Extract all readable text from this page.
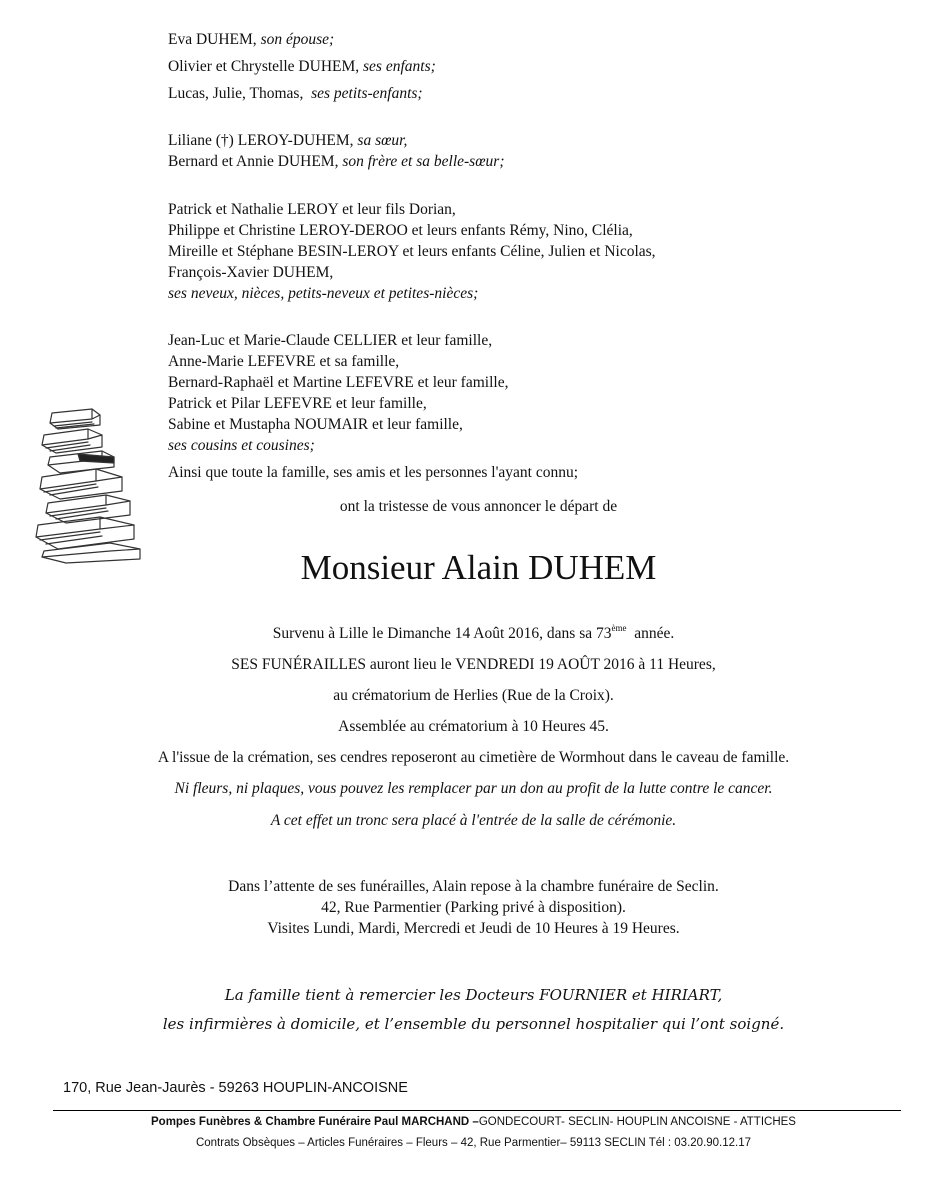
Eva DUHEM, son épouse;
Olivier et Chrystelle DUHEM, ses enfants;
Lucas, Julie, Thomas,  ses petits-enfants;
Liliane (†) LEROY-DUHEM, sa sœur,
Bernard et Annie DUHEM, son frère et sa belle-sœur;
Patrick et Nathalie LEROY et leur fils Dorian,
Philippe et Christine LEROY-DEROO et leurs enfants Rémy, Nino, Clélia,
Mireille et Stéphane BESIN-LEROY et leurs enfants Céline, Julien et Nicolas,
François-Xavier DUHEM,
ses neveux, nièces, petits-neveux et petites-nièces;
Jean-Luc et Marie-Claude CELLIER et leur famille,
Anne-Marie LEFEVRE et sa famille,
Bernard-Raphaël et Martine LEFEVRE et leur famille,
Patrick et Pilar LEFEVRE et leur famille,
Sabine et Mustapha NOUMAIR et leur famille,
ses cousins et cousines;
Ainsi que toute la famille, ses amis et les personnes l'ayant connu;
ont la tristesse de vous annoncer le départ de
Monsieur Alain DUHEM
Survenu à Lille le Dimanche 14 Août 2016, dans sa 73ème  année.
SES FUNÉRAILLES auront lieu le VENDREDI 19 AOÛT 2016 à 11 Heures,
au crématorium de Herlies (Rue de la Croix).
Assemblée au crématorium à 10 Heures 45.
A l'issue de la crémation, ses cendres reposeront au cimetière de Wormhout dans le caveau de famille.
Ni fleurs, ni plaques, vous pouvez les remplacer par un don au profit de la lutte contre le cancer.
A cet effet un tronc sera placé à l'entrée de la salle de cérémonie.
Dans l’attente de ses funérailles, Alain repose à la chambre funéraire de Seclin.
42, Rue Parmentier (Parking privé à disposition).
Visites Lundi, Mardi, Mercredi et Jeudi de 10 Heures à 19 Heures.
La famille tient à remercier les Docteurs FOURNIER et HIRIART,
les infirmières à domicile, et l’ensemble du personnel hospitalier qui l’ont soigné.
170, Rue Jean-Jaurès - 59263 HOUPLIN-ANCOISNE
Pompes Funèbres & Chambre Funéraire Paul MARCHAND –GONDECOURT- SECLIN- HOUPLIN ANCOISNE - ATTICHES
Contrats Obsèques – Articles Funéraires – Fleurs – 42, Rue Parmentier– 59113 SECLIN Tél : 03.20.90.12.17
